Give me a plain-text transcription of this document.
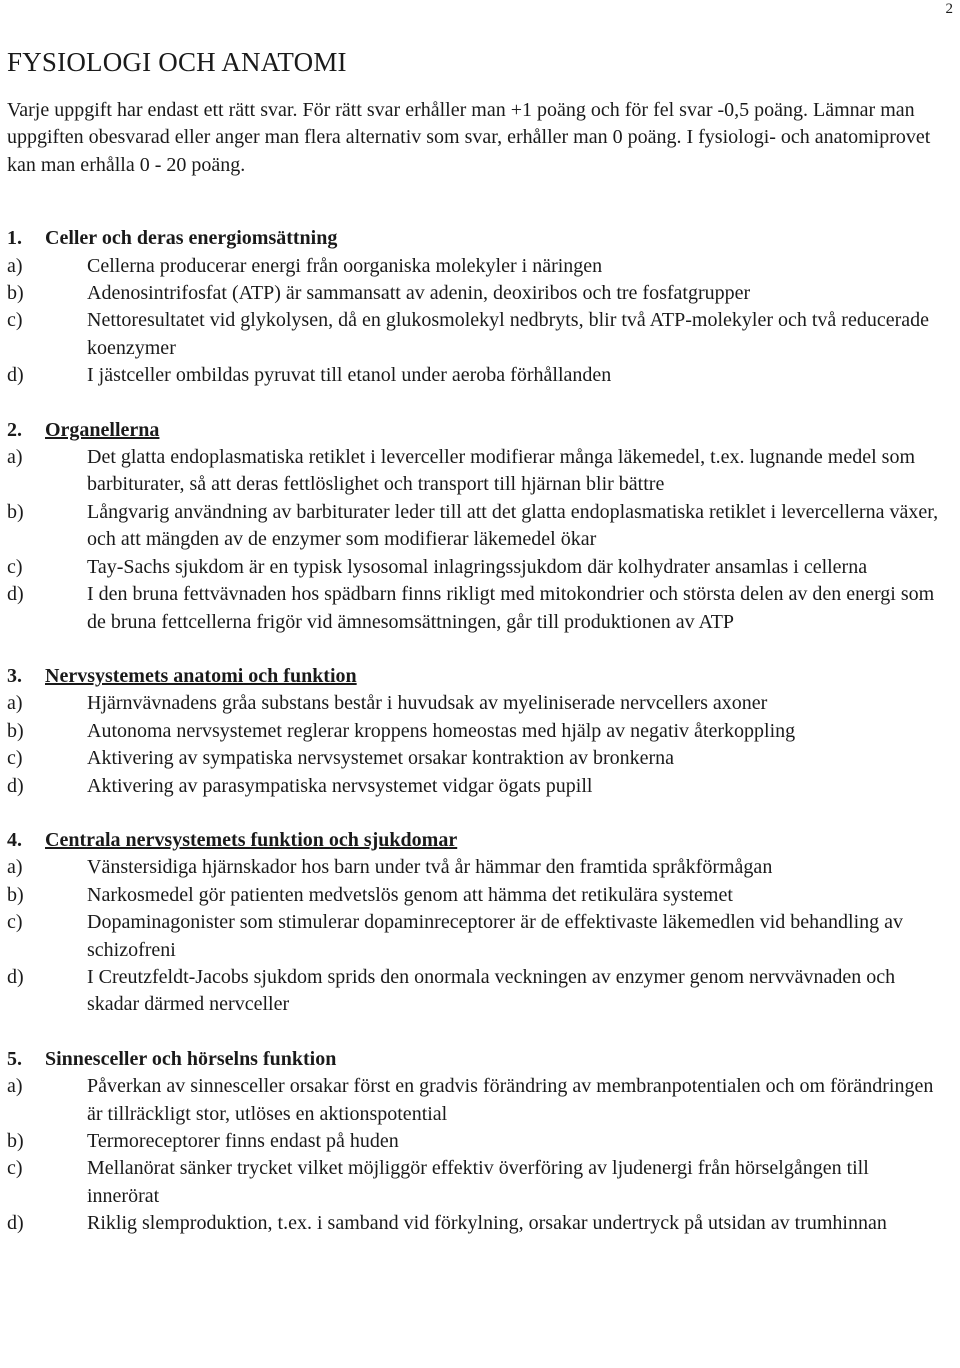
2
FYSIOLOGI OCH ANATOMI

Varje uppgift har endast ett rätt svar. För rätt svar erhåller man +1 poäng och för fel svar -0,5 poäng. Lämnar man uppgiften obesvarad eller anger man flera alternativ som svar, erhåller man 0 poäng. I fysiologi- och anatomiprovet kan man erhålla 0 - 20 poäng.

1.	Celler och deras energiomsättning
a)	Cellerna producerar energi från oorganiska molekyler i näringen
b)	Adenosintrifosfat (ATP) är sammansatt av adenin, deoxiribos och tre fosfatgrupper
c)	Nettoresultatet vid glykolysen, då en glukosmolekyl nedbryts, blir två ATP-molekyler och två reducerade koenzymer
d)	I jästceller ombildas pyruvat till etanol under aeroba förhållanden
2.	Organellerna
a)	Det glatta endoplasmatiska retiklet i leverceller modifierar många läkemedel, t.ex. lugnande medel som barbiturater, så att deras fettlöslighet och transport till hjärnan blir bättre
b)	Långvarig användning av barbiturater leder till att det glatta endoplasmatiska retiklet i levercellerna växer, och att mängden av de enzymer som modifierar läkemedel ökar
c)	Tay-Sachs sjukdom är en typisk lysosomal inlagringssjukdom där kolhydrater ansamlas i cellerna
d)	I den bruna fettvävnaden hos spädbarn finns rikligt med mitokondrier och största delen av den energi som de bruna fettcellerna frigör vid ämnesomsättningen, går till produktionen av ATP
3.	Nervsystemets anatomi och funktion
a)	Hjärnvävnadens gråa substans består i huvudsak av myeliniserade nervcellers axoner
b)	Autonoma nervsystemet reglerar kroppens homeostas med hjälp av negativ återkoppling
c)	Aktivering av sympatiska nervsystemet orsakar kontraktion av bronkerna
d)	Aktivering av parasympatiska nervsystemet vidgar ögats pupill
4.	Centrala nervsystemets funktion och sjukdomar
a)	Vänstersidiga hjärnskador hos barn under två år hämmar den framtida språkförmågan
b)	Narkosmedel gör patienten medvetslös genom att hämma det retikulära systemet
c)	Dopaminagonister som stimulerar dopaminreceptorer är de effektivaste läkemedlen vid behandling av schizofreni
d)	I Creutzfeldt-Jacobs sjukdom sprids den onormala veckningen av enzymer genom nervvävnaden och skadar därmed nervceller
5.	Sinnesceller och hörselns funktion
a)	Påverkan av sinnesceller orsakar först en gradvis förändring av membranpotentialen och om förändringen är tillräckligt stor, utlöses en aktionspotential
b)	Termoreceptorer finns endast på huden
c)	Mellanörat sänker trycket vilket möjliggör effektiv överföring av ljudenergi från hörselgången till innerörat
d)	Riklig slemproduktion, t.ex. i samband vid förkylning, orsakar undertryck på utsidan av trumhinnan
